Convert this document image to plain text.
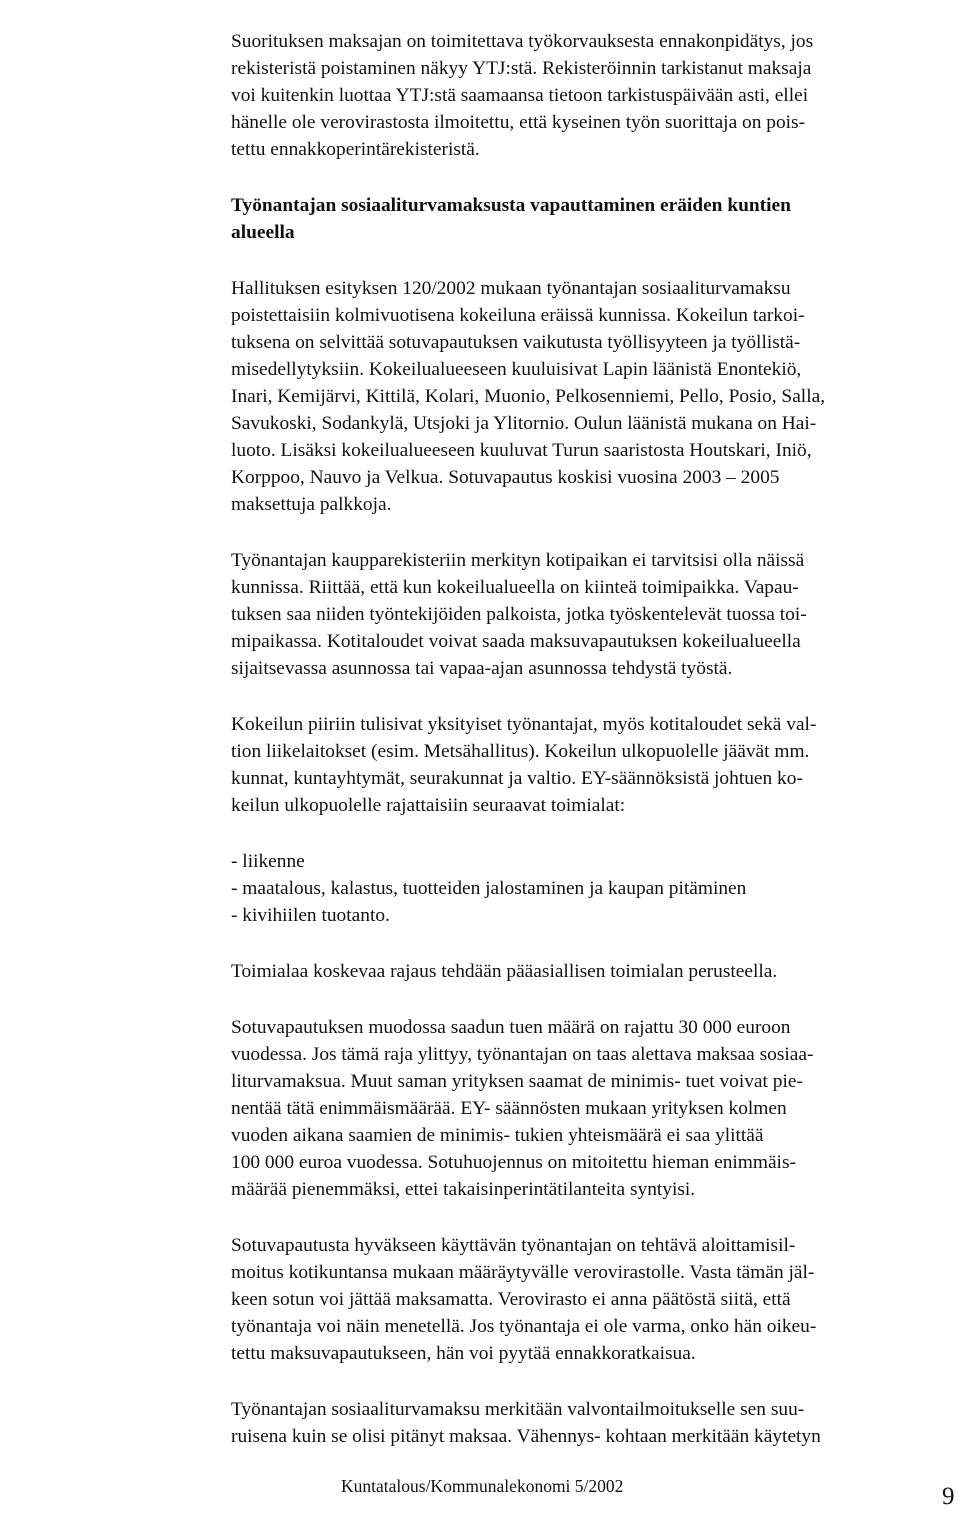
Suorituksen maksajan on toimitettava työkorvauksesta ennakonpidätys, jos

rekisteristä poistaminen näkyy YTJ:stä. Rekisteröinnin tarkistanut maksaja

voi kuitenkin luottaa YTJ:stä saamaansa tietoon tarkistuspäivään asti, ellei

hänelle ole verovirastosta ilmoitettu, että kyseinen työn suorittaja on pois-

tettu ennakkoperintärekisteristä.

Työnantajan sosiaaliturvamaksusta vapauttaminen eräiden kuntien

alueella

Hallituksen esityksen 120/2002 mukaan työnantajan sosiaaliturvamaksu

poistettaisiin kolmivuotisena kokeiluna eräissä kunnissa. Kokeilun tarkoi-

tuksena on selvittää sotuvapautuksen vaikutusta työllisyyteen ja työllistä-

misedellytyksiin. Kokeilualueeseen kuuluisivat Lapin läänistä Enontekiö,

Inari, Kemijärvi, Kittilä, Kolari, Muonio, Pelkosenniemi, Pello, Posio, Salla,

Savukoski, Sodankylä, Utsjoki ja Ylitornio. Oulun läänistä mukana on Hai-

luoto. Lisäksi kokeilualueeseen kuuluvat Turun saaristosta Houtskari, Iniö,

Korppoo, Nauvo ja Velkua. Sotuvapautus koskisi vuosina 2003 – 2005

maksettuja palkkoja.

Työnantajan kaupparekisteriin merkityn kotipaikan ei tarvitsisi olla näissä

kunnissa. Riittää, että kun kokeilualueella on kiinteä toimipaikka. Vapau-

tuksen saa niiden työntekijöiden palkoista, jotka työskentelevät tuossa toi-

mipaikassa. Kotitaloudet voivat saada maksuvapautuksen kokeilualueella

sijaitsevassa asunnossa tai vapaa-ajan asunnossa tehdystä työstä.

Kokeilun piiriin tulisivat yksityiset työnantajat, myös kotitaloudet sekä val-

tion liikelaitokset (esim. Metsähallitus). Kokeilun ulkopuolelle jäävät mm.

kunnat, kuntayhtymät, seurakunnat ja valtio. EY-säännöksistä johtuen ko-

keilun ulkopuolelle rajattaisiin seuraavat toimialat:

- liikenne

- maatalous, kalastus, tuotteiden jalostaminen ja kaupan pitäminen

- kivihiilen tuotanto.

Toimialaa koskevaa rajaus tehdään pääasiallisen toimialan perusteella.

Sotuvapautuksen muodossa saadun tuen määrä on rajattu 30 000 euroon

vuodessa. Jos tämä raja ylittyy, työnantajan on taas alettava maksaa sosiaa-

liturvamaksua. Muut saman yrityksen saamat de minimis- tuet voivat pie-

nentää tätä enimmäismäärää. EY- säännösten mukaan yrityksen kolmen

vuoden aikana saamien de minimis- tukien yhteismäärä ei saa ylittää

100 000 euroa vuodessa. Sotuhuojennus on mitoitettu hieman enimmäis-

määrää pienemmäksi, ettei takaisinperintätilanteita syntyisi.

Sotuvapautusta hyväkseen käyttävän työnantajan on tehtävä aloittamisil-

moitus kotikuntansa mukaan määräytyvälle verovirastolle. Vasta tämän jäl-

keen sotun voi jättää maksamatta. Verovirasto ei anna päätöstä siitä, että

työnantaja voi näin menetellä. Jos työnantaja ei ole varma, onko hän oikeu-

tettu maksuvapautukseen, hän voi pyytää ennakkoratkaisua.

Työnantajan sosiaaliturvamaksu merkitään valvontailmoitukselle sen suu-

ruisena kuin se olisi pitänyt maksaa. Vähennys- kohtaan merkitään käytetyn

Kuntatalous/Kommunalekonomi 5/2002	9
